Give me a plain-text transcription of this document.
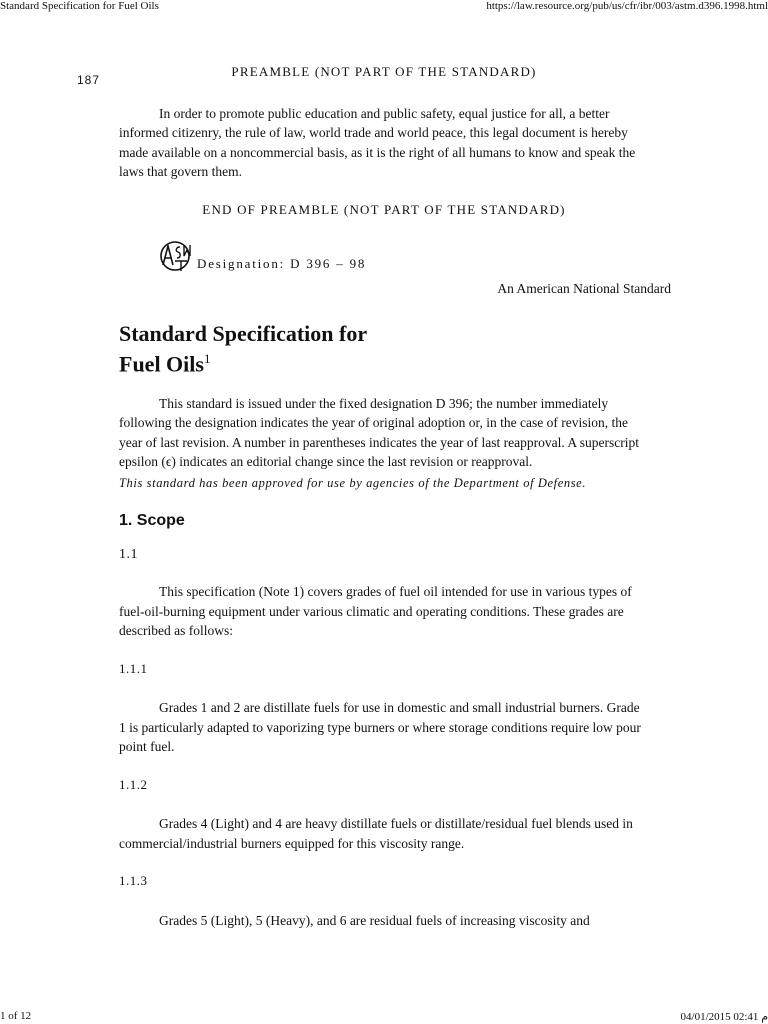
Standard Specification for Fuel Oils	https://law.resource.org/pub/us/cfr/ibr/003/astm.d396.1998.html
187
PREAMBLE (NOT PART OF THE STANDARD)

In order to promote public education and public safety, equal justice for all, a better informed citizenry, the rule of law, world trade and world peace, this legal document is hereby made available on a noncommercial basis, as it is the right of all humans to know and speak the laws that govern them.

END OF PREAMBLE (NOT PART OF THE STANDARD)
Designation: D 396 – 98
An American National Standard
Standard Specification for
Fuel Oils$^1$

This standard is issued under the fixed designation D 396; the number immediately following the designation indicates the year of original adoption or, in the case of revision, the year of last revision. A number in parentheses indicates the year of last reapproval. A superscript epsilon (ϵ) indicates an editorial change since the last revision or reapproval.

This standard has been approved for use by agencies of the Department of Defense.
1. Scope
1.1

This specification (Note 1) covers grades of fuel oil intended for use in various types of fuel-oil-burning equipment under various climatic and operating conditions. These grades are described as follows:

1.1.1

Grades 1 and 2 are distillate fuels for use in domestic and small industrial burners. Grade 1 is particularly adapted to vaporizing type burners or where storage conditions require low pour point fuel.

1.1.2

Grades 4 (Light) and 4 are heavy distillate fuels or distillate/residual fuel blends used in commercial/industrial burners equipped for this viscosity range.

1.1.3

Grades 5 (Light), 5 (Heavy), and 6 are residual fuels of increasing viscosity and

1 of 12	04/01/2015 02:41 م
